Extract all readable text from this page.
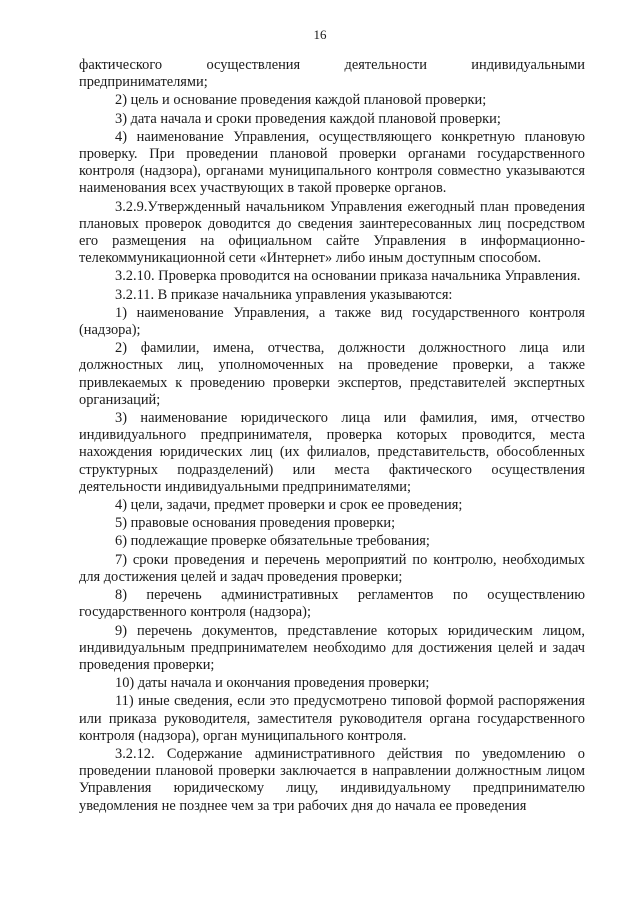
16

фактического осуществления деятельности индивидуальными предпринимателями;

2) цель и основание проведения каждой плановой проверки;

3) дата начала и сроки проведения каждой плановой проверки;

4) наименование Управления, осуществляющего конкретную плановую проверку. При проведении плановой проверки органами государственного контроля (надзора), органами муниципального контроля совместно указываются наименования всех участвующих в такой проверке органов.

3.2.9.Утвержденный начальником Управления ежегодный план проведения плановых проверок доводится до сведения заинтересованных лиц посредством его размещения на официальном сайте Управления в информационно-телекоммуникационной сети «Интернет» либо иным доступным способом.

3.2.10. Проверка проводится на основании приказа начальника Управления.

3.2.11. В приказе начальника управления указываются:

1) наименование Управления, а также вид государственного контроля (надзора);

2) фамилии, имена, отчества, должности должностного лица или должностных лиц, уполномоченных на проведение проверки, а также привлекаемых к проведению проверки экспертов, представителей экспертных организаций;

3) наименование юридического лица или фамилия, имя, отчество индивидуального предпринимателя, проверка которых проводится, места нахождения юридических лиц (их филиалов, представительств, обособленных структурных подразделений) или места фактического осуществления деятельности индивидуальными предпринимателями;

4) цели, задачи, предмет проверки и срок ее проведения;

5) правовые основания проведения проверки;

6) подлежащие проверке обязательные требования;

7) сроки проведения и перечень мероприятий по контролю, необходимых для достижения целей и задач проведения проверки;

8) перечень административных регламентов по осуществлению государственного контроля (надзора);

9) перечень документов, представление которых юридическим лицом, индивидуальным предпринимателем необходимо для достижения целей и задач проведения проверки;

10) даты начала и окончания проведения проверки;

11) иные сведения, если это предусмотрено типовой формой распоряжения или приказа руководителя, заместителя руководителя органа государственного контроля (надзора), орган муниципального контроля.

3.2.12. Содержание административного действия по уведомлению о проведении плановой проверки заключается в направлении должностным лицом Управления юридическому лицу, индивидуальному предпринимателю уведомления не позднее чем за три рабочих дня до начала ее проведения
